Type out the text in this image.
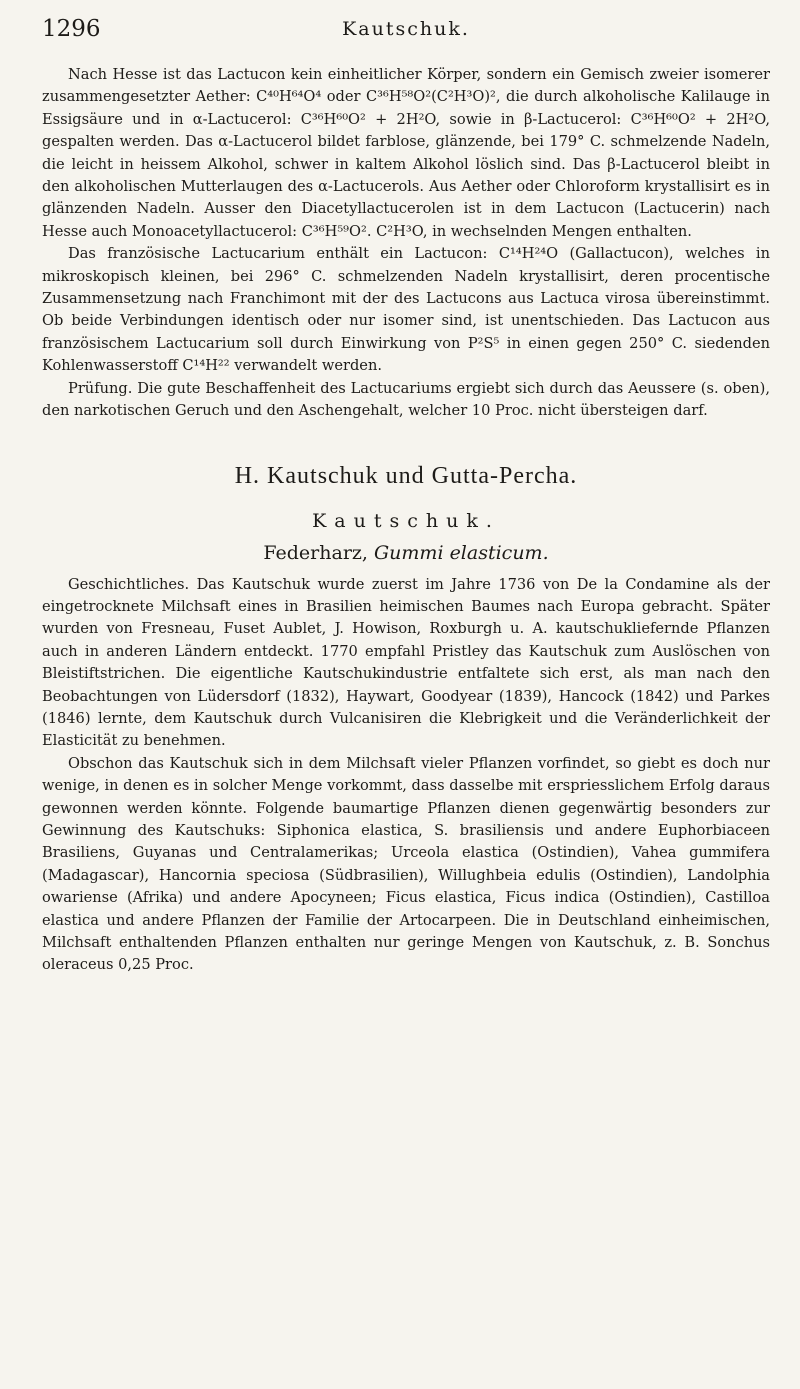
1296	Kautschuk.

Nach Hesse ist das Lactucon kein einheitlicher Körper, sondern ein Gemisch zweier isomerer zusammengesetzter Aether: C⁴⁰H⁶⁴O⁴ oder C³⁶H⁵⁸O²(C²H³O)², die durch alkoholische Kalilauge in Essigsäure und in α-Lactucerol: C³⁶H⁶⁰O² + 2H²O, sowie in β-Lactucerol: C³⁶H⁶⁰O² + 2H²O, gespalten werden. Das α-Lactucerol bildet farblose, glänzende, bei 179° C. schmelzende Nadeln, die leicht in heissem Alkohol, schwer in kaltem Alkohol löslich sind. Das β-Lactucerol bleibt in den alkoholischen Mutterlaugen des α-Lactucerols. Aus Aether oder Chloroform krystallisirt es in glänzenden Nadeln. Ausser den Diacetyllactucerolen ist in dem Lactucon (Lactucerin) nach Hesse auch Monoacetyllactucerol: C³⁶H⁵⁹O². C²H³O, in wechselnden Mengen enthalten.

Das französische Lactucarium enthält ein Lactucon: C¹⁴H²⁴O (Gallactucon), welches in mikroskopisch kleinen, bei 296° C. schmelzenden Nadeln krystallisirt, deren procentische Zusammensetzung nach Franchimont mit der des Lactucons aus Lactuca virosa übereinstimmt. Ob beide Verbindungen identisch oder nur isomer sind, ist unentschieden. Das Lactucon aus französischem Lactucarium soll durch Einwirkung von P²S⁵ in einen gegen 250° C. siedenden Kohlenwasserstoff C¹⁴H²² verwandelt werden.

Prüfung. Die gute Beschaffenheit des Lactucariums ergiebt sich durch das Aeussere (s. oben), den narkotischen Geruch und den Aschengehalt, welcher 10 Proc. nicht übersteigen darf.

H. Kautschuk und Gutta-Percha.
Kautschuk.
Federharz, Gummi elasticum.

Geschichtliches. Das Kautschuk wurde zuerst im Jahre 1736 von De la Condamine als der eingetrocknete Milchsaft eines in Brasilien heimischen Baumes nach Europa gebracht. Später wurden von Fresneau, Fuset Aublet, J. Howison, Roxburgh u. A. kautschukliefernde Pflanzen auch in anderen Ländern entdeckt. 1770 empfahl Pristley das Kautschuk zum Auslöschen von Bleistiftstrichen. Die eigentliche Kautschukindustrie entfaltete sich erst, als man nach den Beobachtungen von Lüdersdorf (1832), Haywart, Goodyear (1839), Hancock (1842) und Parkes (1846) lernte, dem Kautschuk durch Vulcanisiren die Klebrigkeit und die Veränderlichkeit der Elasticität zu benehmen.

Obschon das Kautschuk sich in dem Milchsaft vieler Pflanzen vorfindet, so giebt es doch nur wenige, in denen es in solcher Menge vorkommt, dass dasselbe mit erspriesslichem Erfolg daraus gewonnen werden könnte. Folgende baumartige Pflanzen dienen gegenwärtig besonders zur Gewinnung des Kautschuks: Siphonica elastica, S. brasiliensis und andere Euphorbiaceen Brasiliens, Guyanas und Centralamerikas; Urceola elastica (Ostindien), Vahea gummifera (Madagascar), Hancornia speciosa (Südbrasilien), Willughbeia edulis (Ostindien), Landolphia owariense (Afrika) und andere Apocyneen; Ficus elastica, Ficus indica (Ostindien), Castilloa elastica und andere Pflanzen der Familie der Artocarpeen. Die in Deutschland einheimischen, Milchsaft enthaltenden Pflanzen enthalten nur geringe Mengen von Kautschuk, z. B. Sonchus oleraceus 0,25 Proc.
